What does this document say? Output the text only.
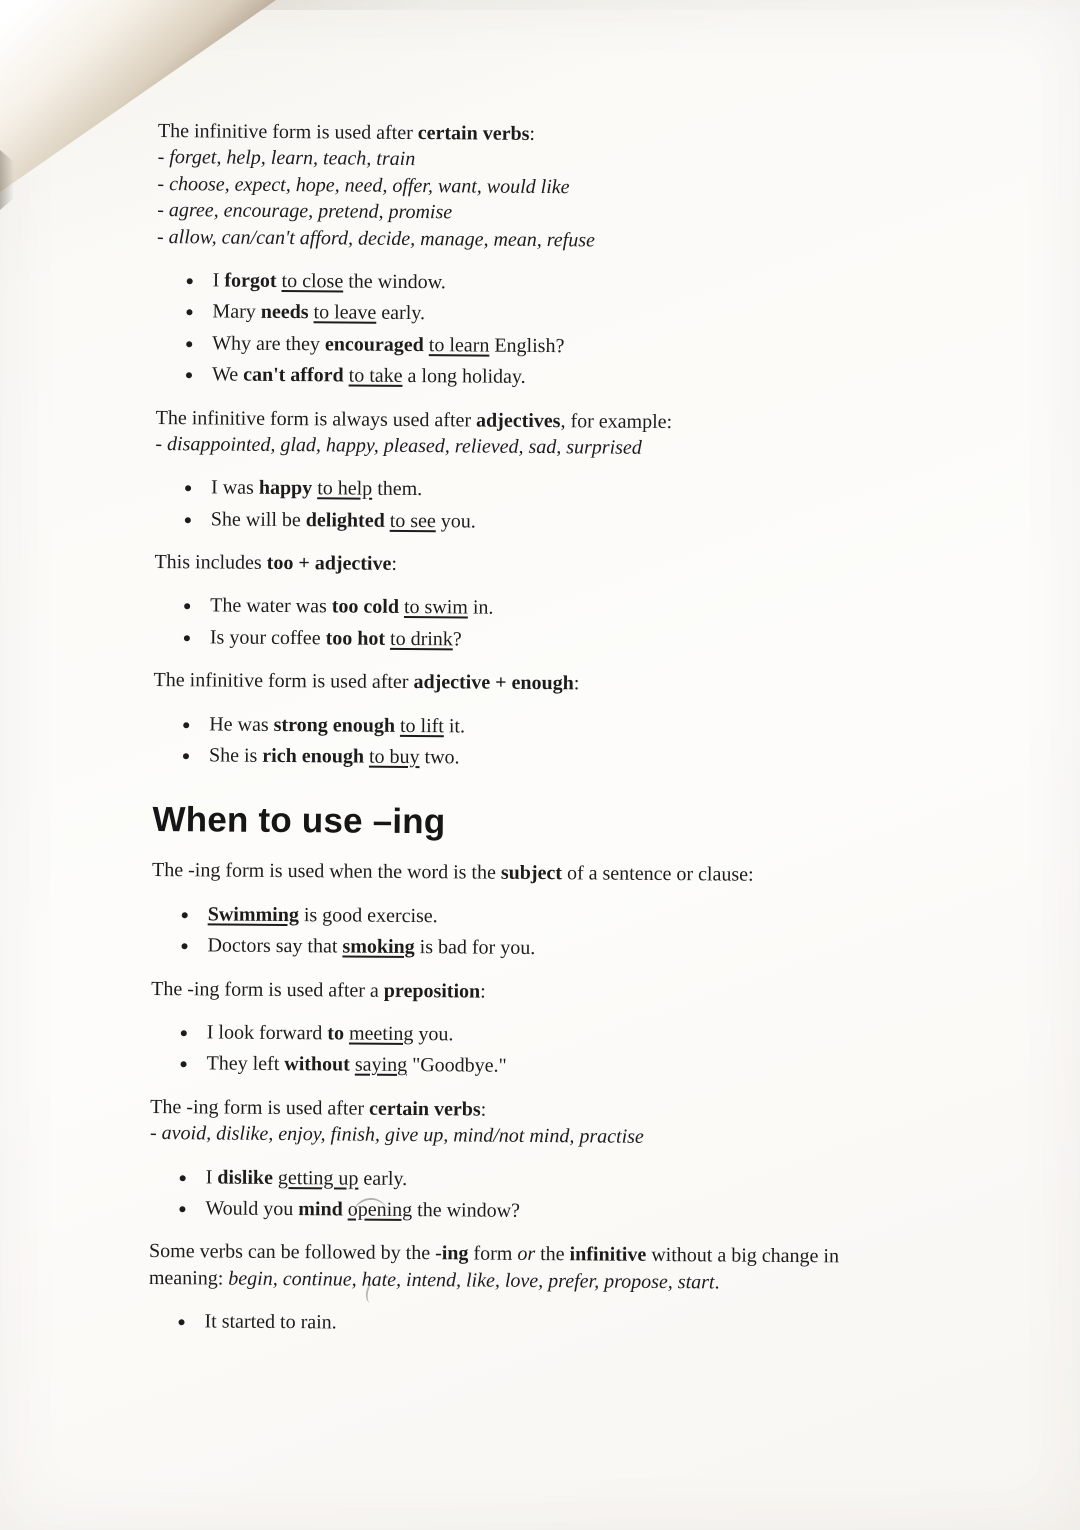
The infinitive form is used after certain verbs:
- forget, help, learn, teach, train
- choose, expect, hope, need, offer, want, would like
- agree, encourage, pretend, promise
- allow, can/can't afford, decide, manage, mean, refuse

• I forgot to close the window.
• Mary needs to leave early.
• Why are they encouraged to learn English?
• We can't afford to take a long holiday.

The infinitive form is always used after adjectives, for example:
- disappointed, glad, happy, pleased, relieved, sad, surprised

• I was happy to help them.
• She will be delighted to see you.

This includes too + adjective:

• The water was too cold to swim in.
• Is your coffee too hot to drink?

The infinitive form is used after adjective + enough:

• He was strong enough to lift it.
• She is rich enough to buy two.
When to use –ing

The -ing form is used when the word is the subject of a sentence or clause:

• Swimming is good exercise.
• Doctors say that smoking is bad for you.

The -ing form is used after a preposition:

• I look forward to meeting you.
• They left without saying "Goodbye."

The -ing form is used after certain verbs:
- avoid, dislike, enjoy, finish, give up, mind/not mind, practise

• I dislike getting up early.
• Would you mind opening the window?

Some verbs can be followed by the -ing form or the infinitive without a big change in
meaning: begin, continue, hate, intend, like, love, prefer, propose, start.

• It started to rain.
